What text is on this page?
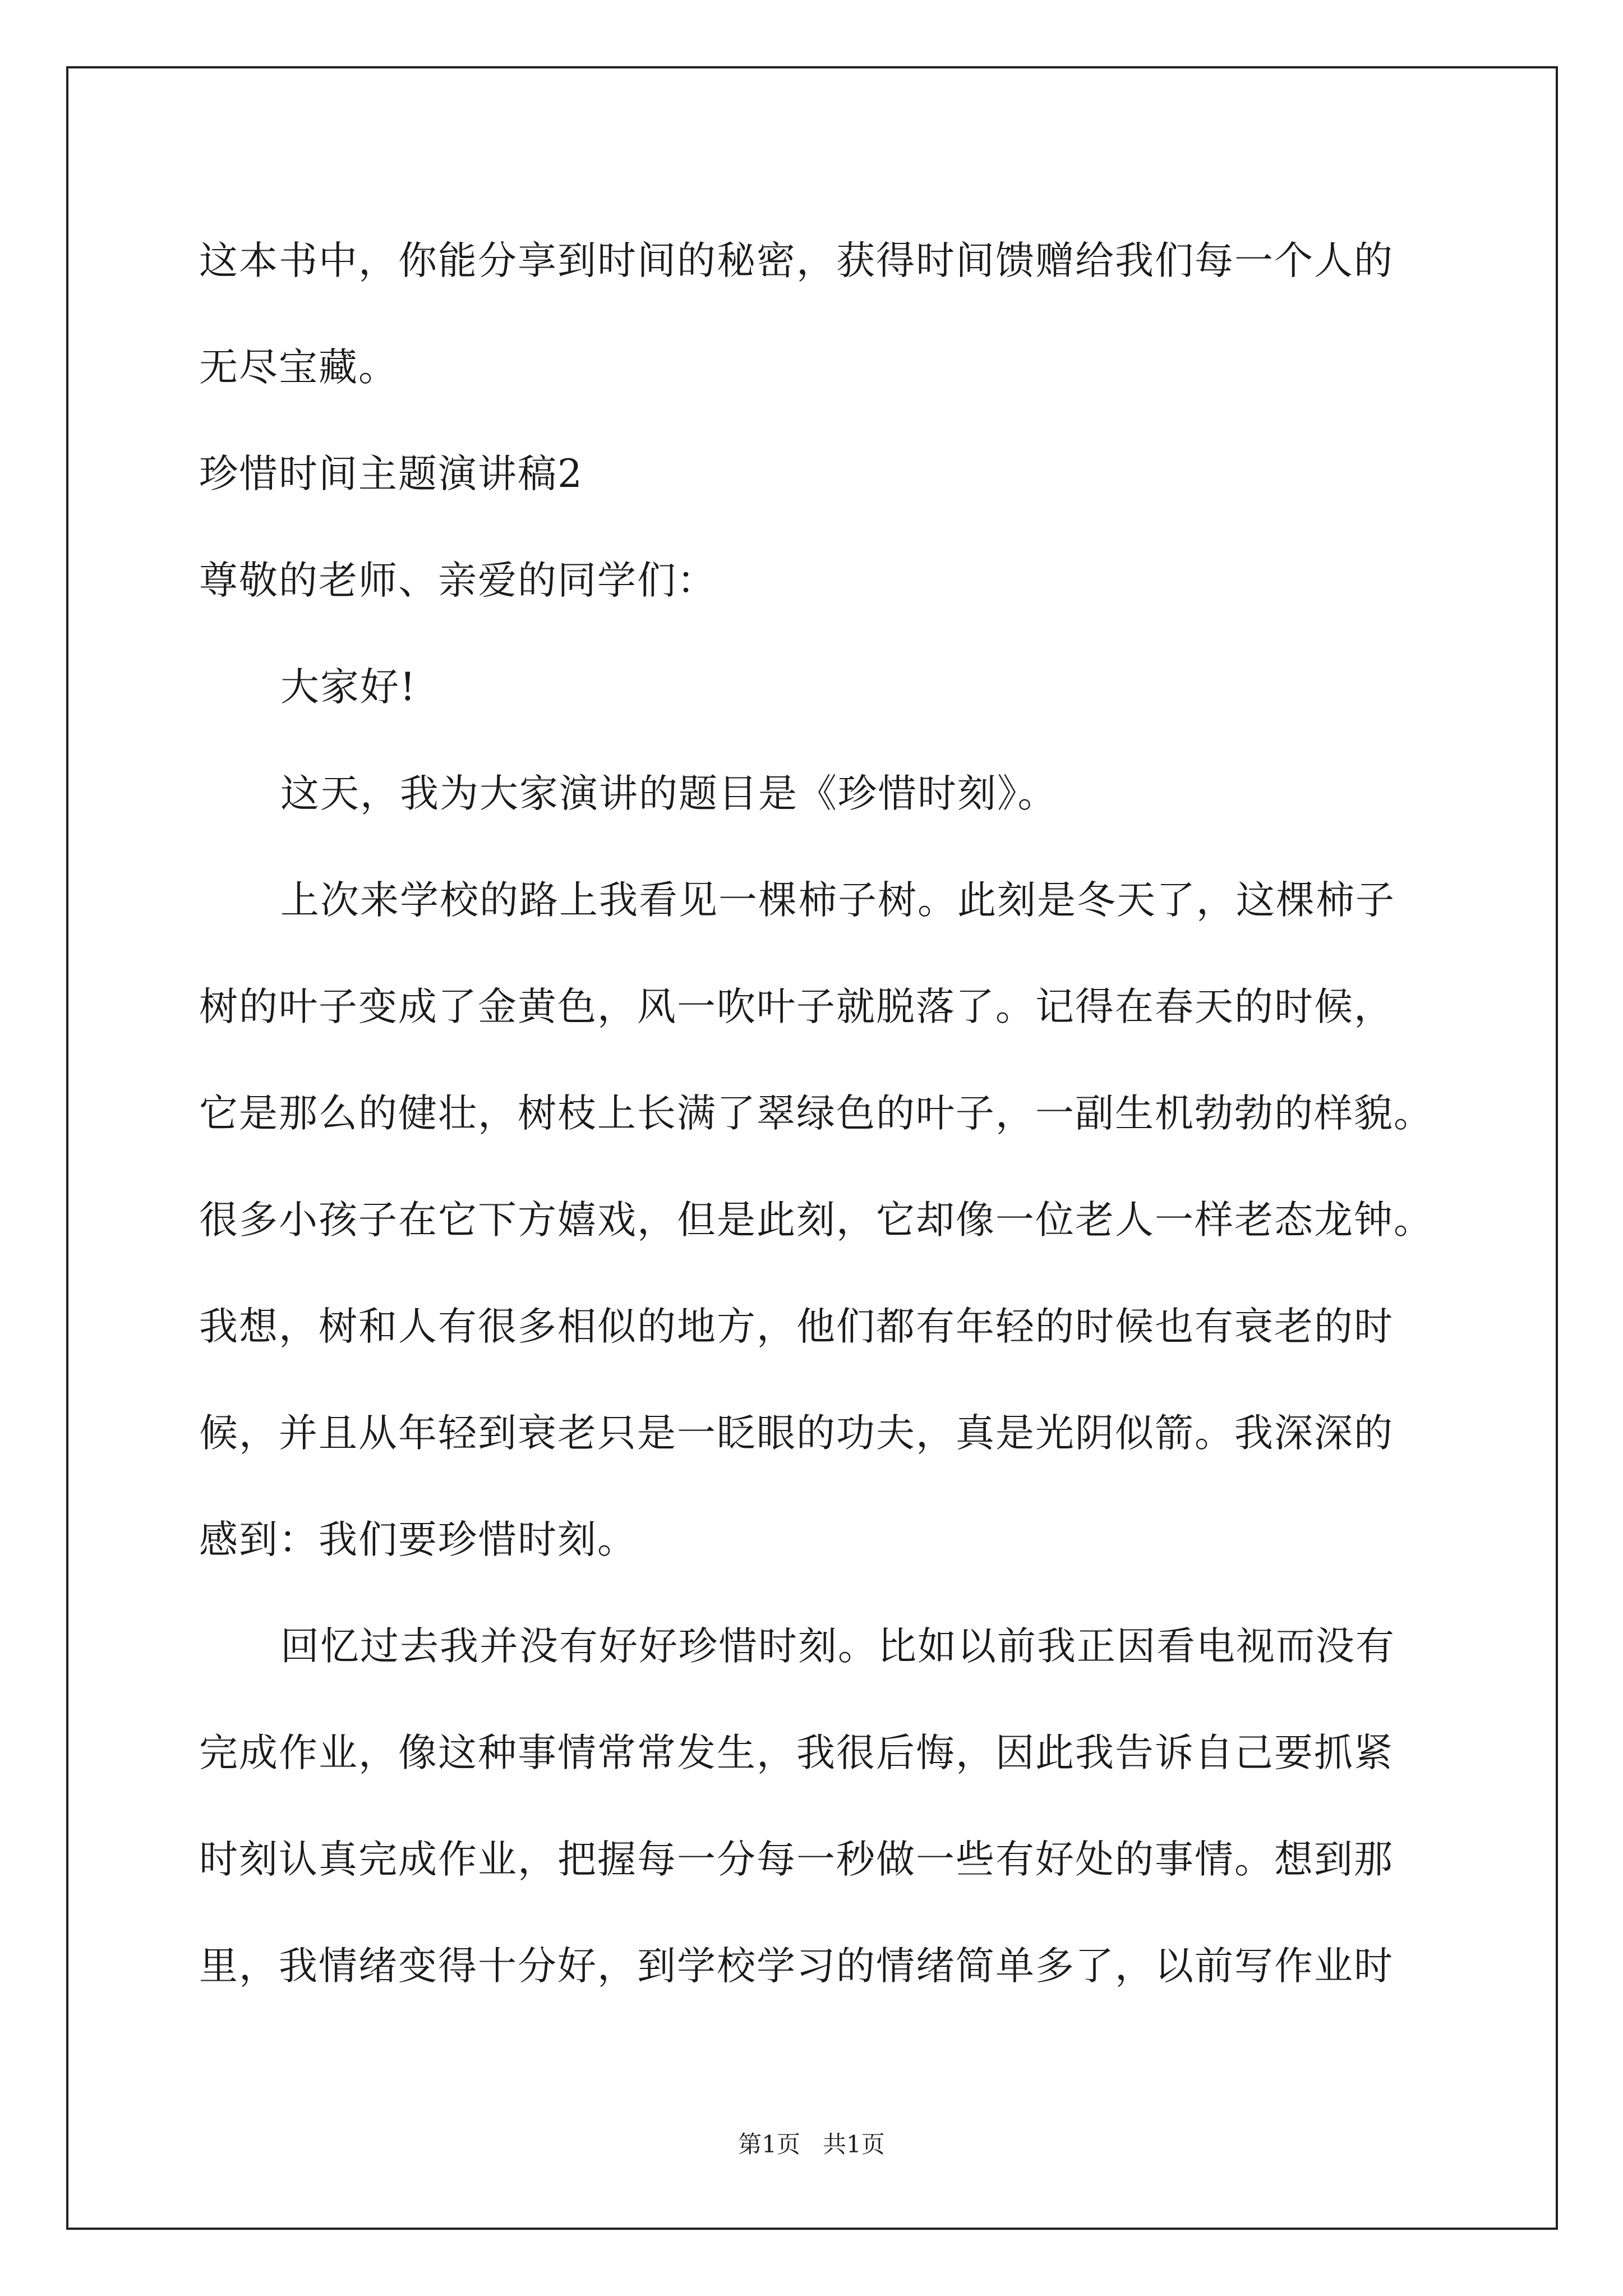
这本书中，你能分享到时间的秘密，获得时间馈赠给我们每一个人的
无尽宝藏。
珍惜时间主题演讲稿2
尊敬的老师、亲爱的同学们：
大家好!
这天，我为大家演讲的题目是《珍惜时刻》。
上次来学校的路上我看见一棵柿子树。此刻是冬天了，这棵柿子
树的叶子变成了金黄色，风一吹叶子就脱落了。记得在春天的时候，
它是那么的健壮，树枝上长满了翠绿色的叶子，一副生机勃勃的样貌。
很多小孩子在它下方嬉戏，但是此刻，它却像一位老人一样老态龙钟。
我想，树和人有很多相似的地方，他们都有年轻的时候也有衰老的时
候，并且从年轻到衰老只是一眨眼的功夫，真是光阴似箭。我深深的
感到：我们要珍惜时刻。
回忆过去我并没有好好珍惜时刻。比如以前我正因看电视而没有
完成作业，像这种事情常常发生，我很后悔，因此我告诉自己要抓紧
时刻认真完成作业，把握每一分每一秒做一些有好处的事情。想到那
里，我情绪变得十分好，到学校学习的情绪简单多了，以前写作业时
第1页   共1页
